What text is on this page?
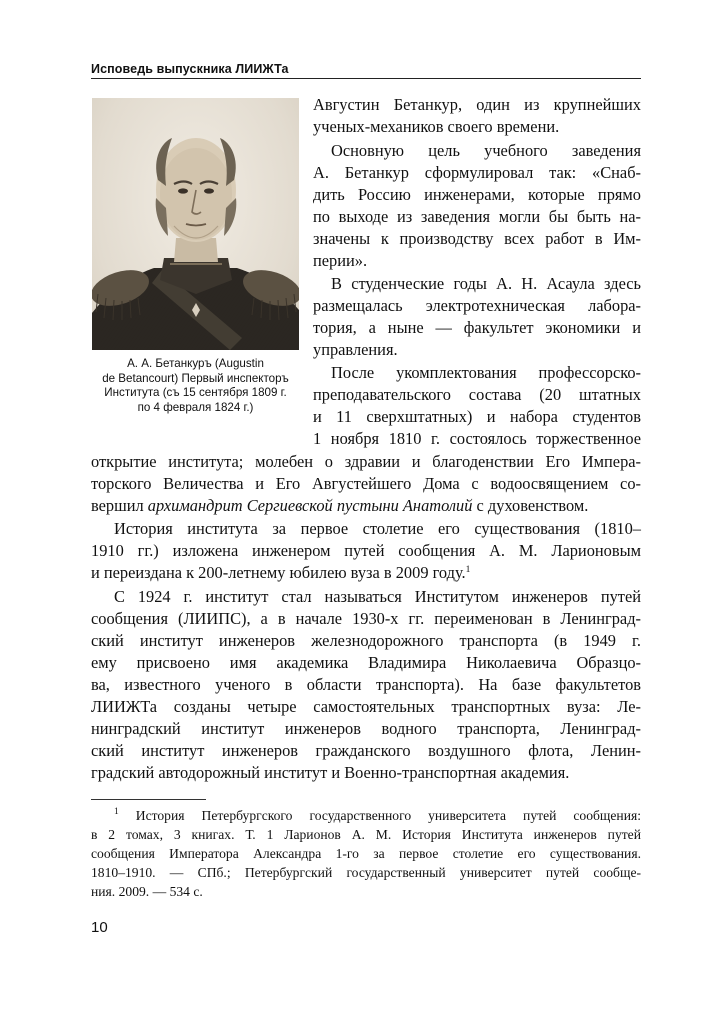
Исповедь выпускника ЛИИЖТа
А. А. Бетанкуръ (Augustin
de Betancourt) Первый инспекторъ
Института (съ 15 сентября 1809 г.
по 4 февраля 1824 г.)
Августин Бетанкур, один из крупнейших
ученых-механиков своего времени.
Основную цель учебного заведения
А. Бетанкур сформулировал так: «Снаб-
дить Россию инженерами, которые прямо
по выходе из заведения могли бы быть на-
значены к производству всех работ в Им-
перии».
В студенческие годы А. Н. Асаула здесь
размещалась электротехническая лабора-
тория, а ныне — факультет экономики и
управления.
После укомплектования профессорско-
преподавательского состава (20 штатных
и 11 сверхштатных) и набора студентов
1 ноября 1810 г. состоялось торжественное
открытие института; молебен о здравии и благоденствии Его Импера-
торского Величества и Его Августейшего Дома с водоосвящением со-
вершил архимандрит Сергиевской пустыни Анатолий с духовенством.
История института за первое столетие его существования (1810–
1910 гг.) изложена инженером путей сообщения А. М. Ларионовым
и переиздана к 200-летнему юбилею вуза в 2009 году.$^1$
С 1924 г. институт стал называться Институтом инженеров путей
сообщения (ЛИИПС), а в начале 1930-х гг. переименован в Ленинград-
ский институт инженеров железнодорожного транспорта (в 1949 г.
ему присвоено имя академика Владимира Николаевича Образцо-
ва, известного ученого в области транспорта). На базе факультетов
ЛИИЖТа созданы четыре самостоятельных транспортных вуза: Ле-
нинградский институт инженеров водного транспорта, Ленинград-
ский институт инженеров гражданского воздушного флота, Ленин-
градский автодорожный институт и Военно-транспортная академия.
$^1$ История Петербургского государственного университета путей сообщения:
в 2 томах, 3 книгах. Т. 1 Ларионов А. М. История Института инженеров путей
сообщения Императора Александра 1-го за первое столетие его существования.
1810–1910. — СПб.; Петербургский государственный университет путей сообще-
ния. 2009. — 534 с.
10
